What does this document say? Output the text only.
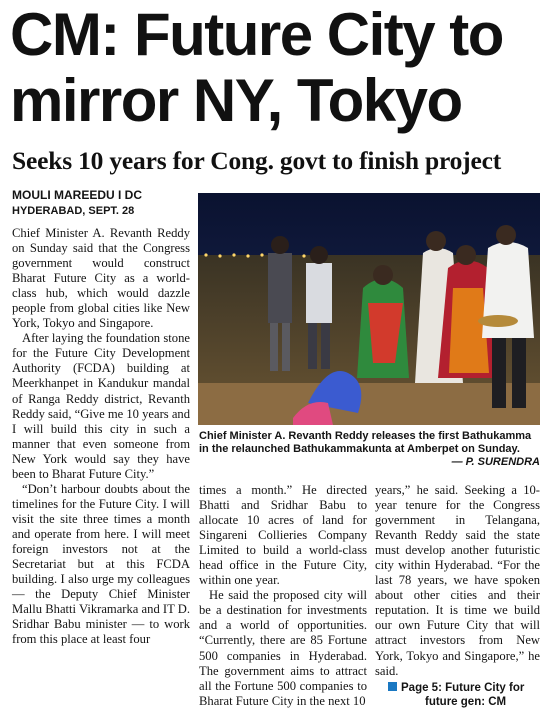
CM: Future City to
mirror NY, Tokyo
Seeks 10 years for Cong. govt to finish project
MOULI MAREEDU I DC
HYDERABAD, SEPT. 28

Chief Minister A. Revanth Reddy on Sunday said that the Congress government would construct Bharat Future City as a world-class hub, which would dazzle people from global cities like New York, Tokyo and Singapore.

After laying the foundation stone for the Future City Development Authority (FCDA) building at Meerkhanpet in Kandukur mandal of Ranga Reddy district, Revanth Reddy said, “Give me 10 years and I will build this city in such a manner that even someone from New York would say they have been to Bharat Future City.”

“Don’t harbour doubts about the timelines for the Future City. I will visit the site three times a month and operate from here. I will meet foreign investors not at the Secretariat but at this FCDA building. I also urge my colleagues — the Deputy Chief Minister Mallu Bhatti Vikramarka and IT D. Sridhar Babu minister — to work from this place at least four

Chief Minister A. Revanth Reddy releases the first Bathukamma in the relaunched Bathukammakunta at Amberpet on Sunday.
— P. SURENDRA

times a month.” He directed Bhatti and Sridhar Babu to allocate 10 acres of land for Singareni Collieries Company Limited to build a world-class head office in the Future City, within one year.

He said the proposed city will be a destination for investments and a world of opportunities. “Currently, there are 85 Fortune 500 companies in Hyderabad. The government aims to attract all the Fortune 500 companies to Bharat Future City in the next 10

years,” he said. Seeking a 10-year tenure for the Congress government in Telangana, Revanth Reddy said the state must develop another futuristic city within Hyderabad. “For the last 78 years, we have spoken about other cities and their reputation. It is time we build our own Future City that will attract investors from New York, Tokyo and Singapore,” he said.

Page 5: Future City for
future gen: CM
